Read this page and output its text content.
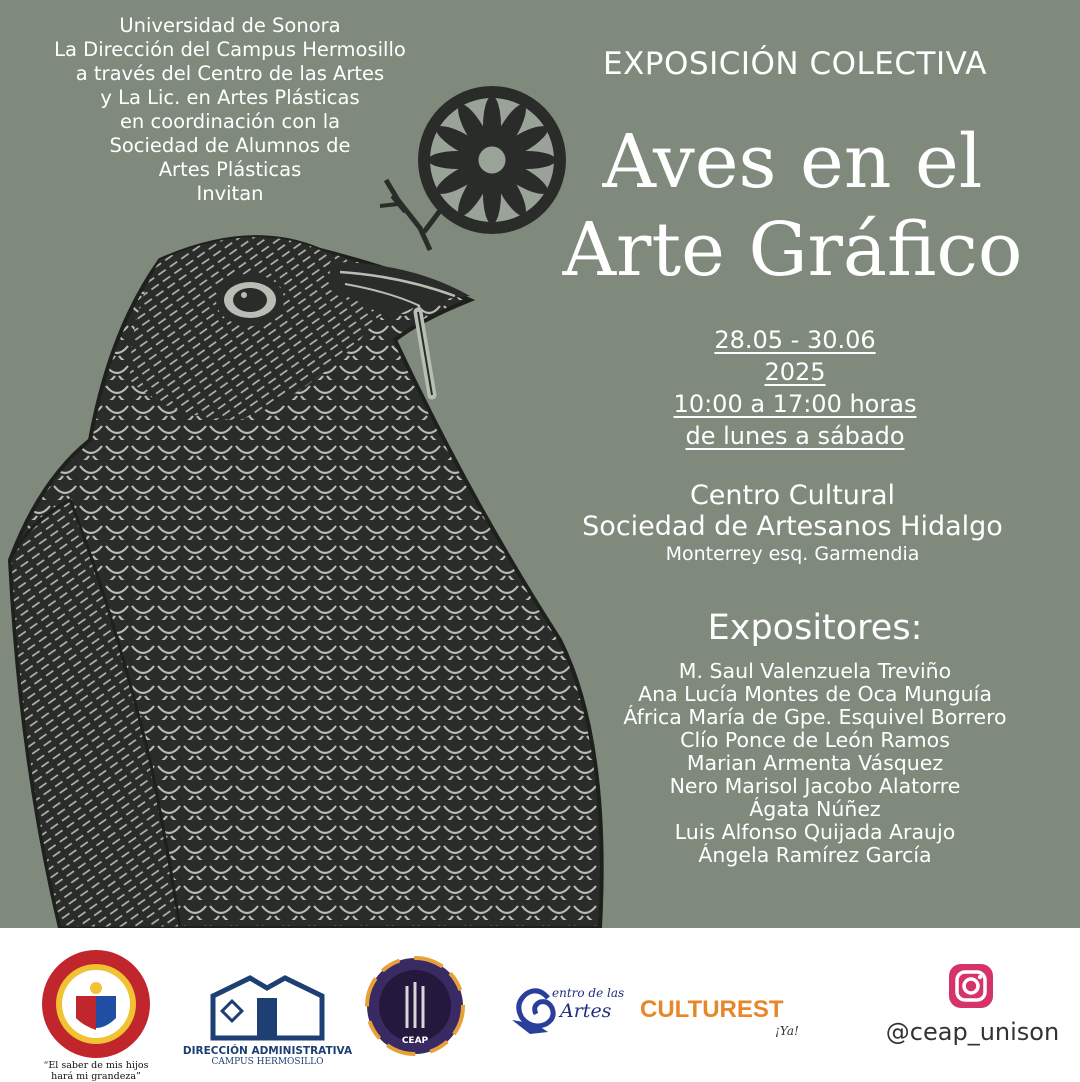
Universidad de Sonora
La Dirección del Campus Hermosillo
a través del Centro de las Artes
y La Lic. en Artes Plásticas
en coordinación con la
Sociedad de Alumnos de
Artes Plásticas
Invitan
EXPOSICIÓN COLECTIVA
Aves en el
Arte Gráfico
28.05 - 30.06
2025
10:00 a 17:00 horas
de lunes a sábado
Centro Cultural
Sociedad de Artesanos Hidalgo
Monterrey esq. Garmendia
Expositores:
M. Saul Valenzuela Treviño
Ana Lucía Montes de Oca Munguía
África María de Gpe. Esquivel Borrero
Clío Ponce de León Ramos
Marian Armenta Vásquez
Nero Marisol Jacobo Alatorre
Ágata Núñez
Luis Alfonso Quijada Araujo
Ángela Ramírez García
“El saber de mis hijos
hará mi grandeza”
DIRECCIÓN ADMINISTRATIVA
CAMPUS HERMOSILLO
CEAP
entro de las
Artes	CULTUREST
¡Ya!	@ceap_unison
